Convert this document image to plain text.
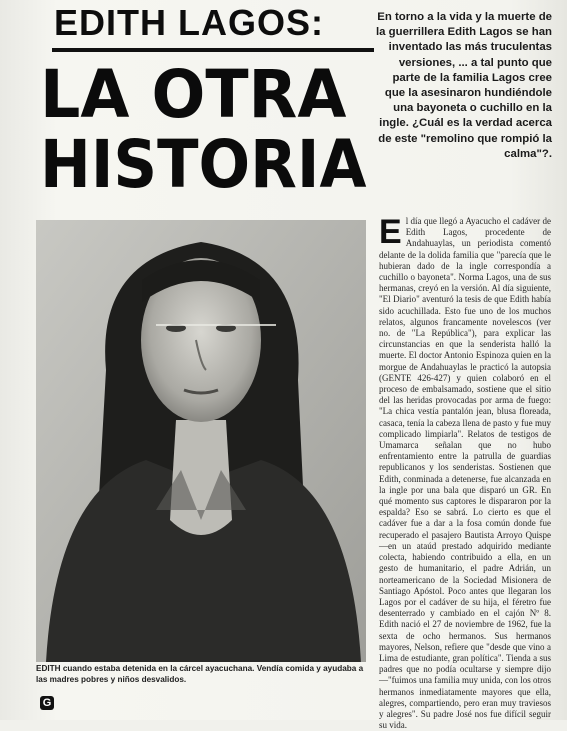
EDITH LAGOS:
LA OTRA
HISTORIA
En torno a la vida y la muerte de la guerrillera Edith Lagos se han inventado las más truculentas versiones, ... a tal punto que parte de la familia Lagos cree que la asesinaron hundiéndole una bayoneta o cuchillo en la ingle. ¿Cuál es la verdad acerca de este "remolino que rompió la calma"?.
EDITH cuando estaba detenida en la cárcel ayacuchana. Vendía comida y ayudaba a las madres pobres y niños desvalidos.
G
E l día que llegó a Ayacucho el cadáver de Edith Lagos, procedente de Andahuaylas, un periodista comentó delante de la dolida familia que "parecía que le hubieran dado de la ingle correspondía a cuchillo o bayoneta". Norma Lagos, una de sus hermanas, creyó en la versión. Al día siguiente, "El Diario" aventuró la tesis de que Edith había sido acuchillada. Esto fue uno de los muchos relatos, algunos francamente novelescos (ver no. de "La República"), para explicar las circunstancias en que la senderista halló la muerte. El doctor Antonio Espinoza quien en la morgue de Andahuaylas le practicó la autopsia (GENTE 426-427) y quien colaboró en el proceso de embalsamado, sostiene que el sitio del las heridas provocadas por arma de fuego: "La chica vestía pantalón jean, blusa floreada, casaca, tenía la cabeza llena de pasto y fue muy complicado limpiarla". Relatos de testigos de Umamarca señalan que no hubo enfrentamiento entre la patrulla de guardias republicanos y los senderistas. Sostienen que Edith, conminada a detenerse, fue alcanzada en la ingle por una bala que disparó un GR. En qué momento sus captores le dispararon por la espalda? Eso se sabrá. Lo cierto es que el cadáver fue a dar a la fosa común donde fue recuperado el pasajero Bautista Arroyo Quispe—en un ataúd prestado adquirido mediante colecta, habiendo contribuido a ella, en un gesto de humanitario, el padre Adrián, un norteamericano de la Sociedad Misionera de Santiago Apóstol. Poco antes que llegaran los Lagos por el cadáver de su hija, el féretro fue desenterrado y cambiado en el cajón Nº 8. Edith nació el 27 de noviembre de 1962, fue la sexta de ocho hermanos. Sus hermanos mayores, Nelson, refiere que "desde que vino a Lima de estudiante, gran política". Tienda a sus padres que no podía ocultarse y siempre dijo—"fuimos una familia muy unida, con los otros hermanos inmediatamente mayores que ella, alegres, compartiendo, pero eran muy traviesos y alegres". Su padre José nos fue difícil seguir su vida.
